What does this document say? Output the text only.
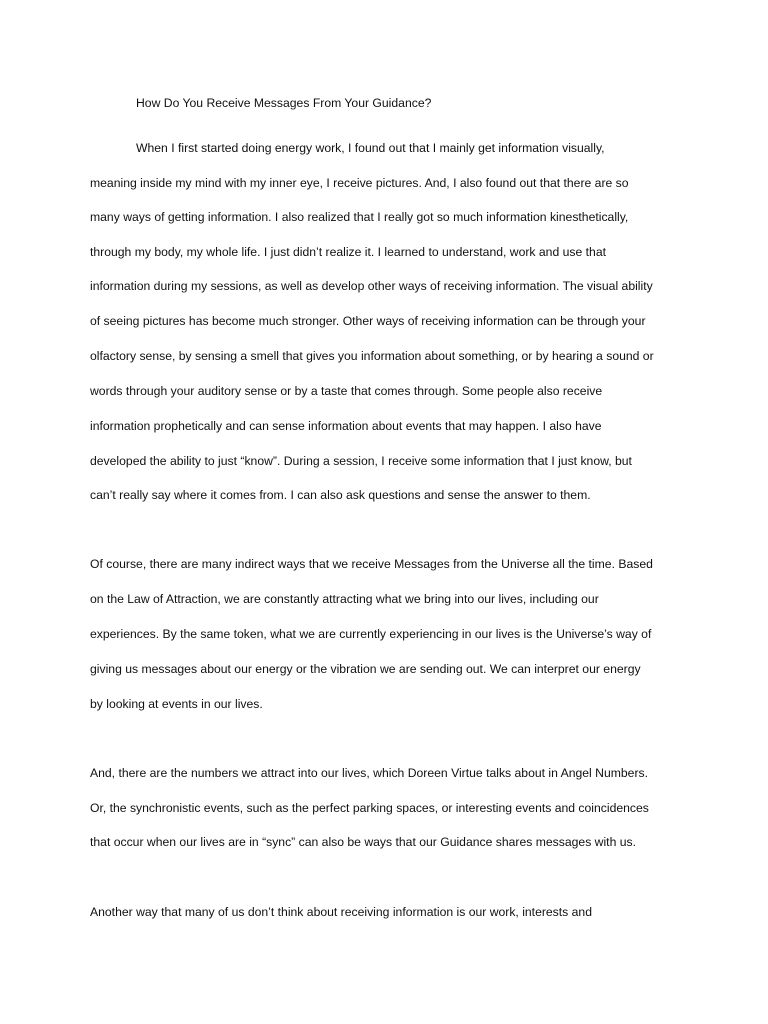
How Do You Receive Messages From Your Guidance?

When I first started doing energy work, I found out that I mainly get information visually,

meaning inside my mind with my inner eye, I receive pictures. And, I also found out that there are so

many ways of getting information. I also realized that I really got so much information kinesthetically,

through my body, my whole life. I just didn’t realize it. I learned to understand, work and use that

information during my sessions, as well as develop other ways of receiving information. The visual ability

of seeing pictures has become much stronger. Other ways of receiving information can be through your

olfactory sense, by sensing a smell that gives you information about something, or by hearing a sound or

words through your auditory sense or by a taste that comes through. Some people also receive

information prophetically and can sense information about events that may happen. I also have

developed the ability to just “know”. During a session, I receive some information that I just know, but

can’t really say where it comes from. I can also ask questions and sense the answer to them.

Of course, there are many indirect ways that we receive Messages from the Universe all the time. Based

on the Law of Attraction, we are constantly attracting what we bring into our lives, including our

experiences. By the same token, what we are currently experiencing in our lives is the Universe’s way of

giving us messages about our energy or the vibration we are sending out. We can interpret our energy

by looking at events in our lives.

And, there are the numbers we attract into our lives, which Doreen Virtue talks about in Angel Numbers.

Or, the synchronistic events, such as the perfect parking spaces, or interesting events and coincidences

that occur when our lives are in “sync” can also be ways that our Guidance shares messages with us.

Another way that many of us don’t think about receiving information is our work, interests and
